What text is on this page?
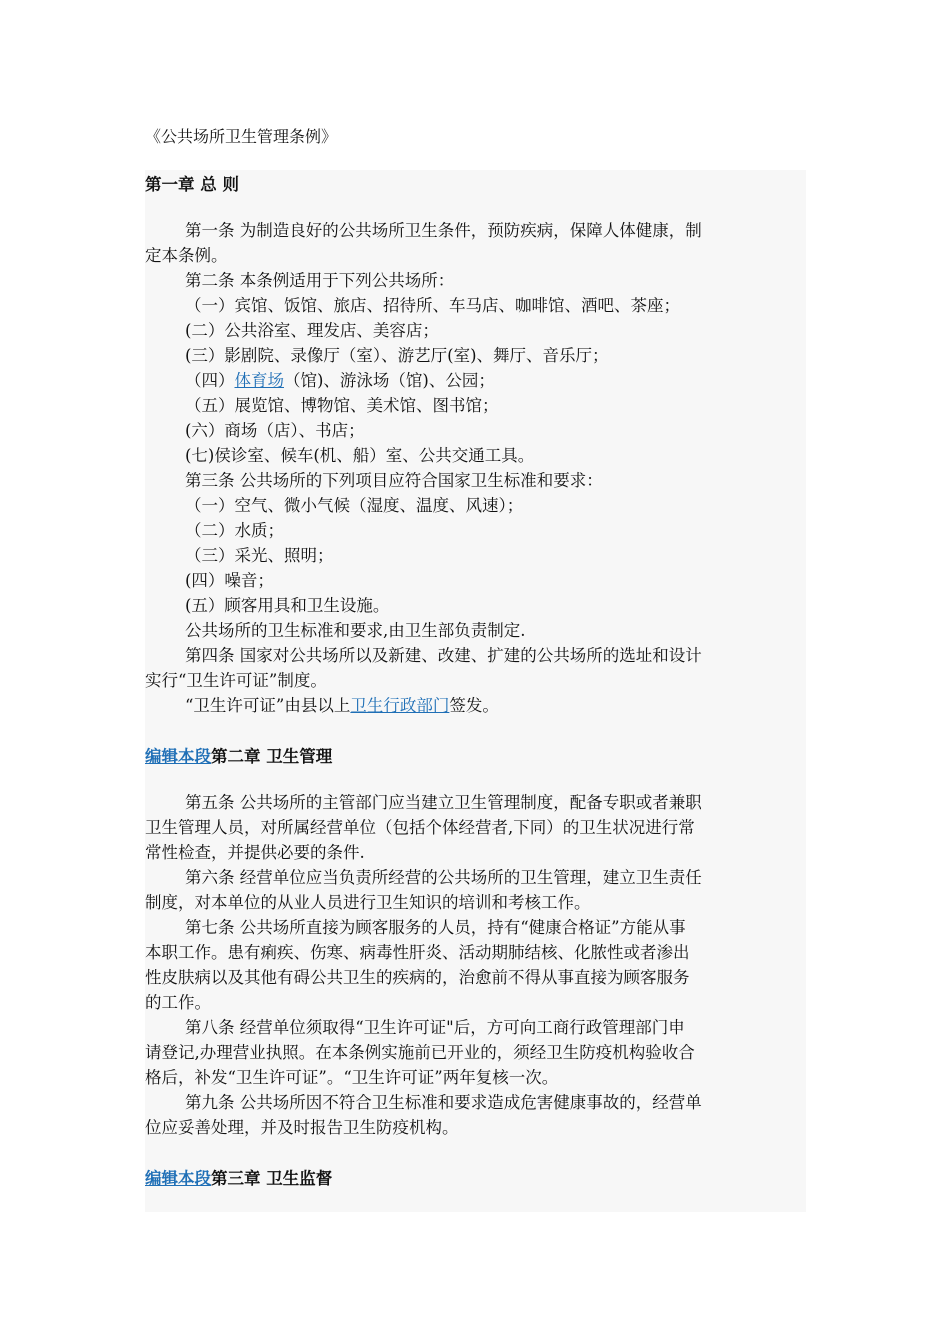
《公共场所卫生管理条例》

第一章 总 则

第一条 为制造良好的公共场所卫生条件，预防疾病，保障人体健康，制

定本条例。

第二条 本条例适用于下列公共场所：

（一）宾馆、饭馆、旅店、招待所、车马店、咖啡馆、酒吧、茶座；

(二）公共浴室、理发店、美容店；

(三）影剧院、录像厅（室）、游艺厅(室)、舞厅、音乐厅；

（四）体育场（馆)、游泳场（馆)、公园；

（五）展览馆、博物馆、美术馆、图书馆；

(六）商场（店）、书店；

(七)侯诊室、候车(机、船）室、公共交通工具。

第三条 公共场所的下列项目应符合国家卫生标准和要求：

（一）空气、微小气候（湿度、温度、风速）；

（二）水质；

（三）采光、照明；

(四）噪音；

(五）顾客用具和卫生设施。

公共场所的卫生标准和要求,由卫生部负责制定.

第四条 国家对公共场所以及新建、改建、扩建的公共场所的选址和设计

实行“卫生许可证”制度。

“卫生许可证”由县以上卫生行政部门签发。

编辑本段第二章 卫生管理

第五条 公共场所的主管部门应当建立卫生管理制度，配备专职或者兼职

卫生管理人员，对所属经营单位（包括个体经营者,下同）的卫生状况进行常

常性检查，并提供必要的条件.

第六条 经营单位应当负责所经营的公共场所的卫生管理，建立卫生责任

制度，对本单位的从业人员进行卫生知识的培训和考核工作。

第七条 公共场所直接为顾客服务的人员，持有“健康合格证”方能从事

本职工作。患有痢疾、伤寒、病毒性肝炎、活动期肺结核、化脓性或者渗出

性皮肤病以及其他有碍公共卫生的疾病的，治愈前不得从事直接为顾客服务

的工作。

第八条 经营单位须取得“卫生许可证"后，方可向工商行政管理部门申

请登记,办理营业执照。在本条例实施前已开业的，须经卫生防疫机构验收合

格后，补发“卫生许可证”。“卫生许可证”两年复核一次。

第九条 公共场所因不符合卫生标准和要求造成危害健康事故的，经营单

位应妥善处理，并及时报告卫生防疫机构。

编辑本段第三章 卫生监督
